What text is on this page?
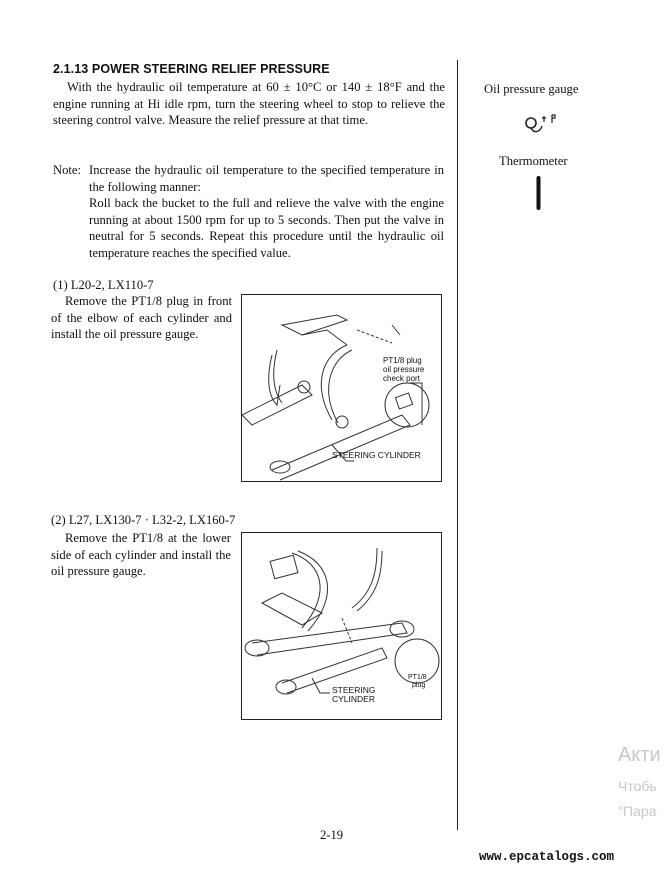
2.1.13 POWER STEERING RELIEF PRESSURE
With the hydraulic oil temperature at 60 ± 10°C or 140 ± 18°F and the engine running at Hi idle rpm, turn the steering wheel to stop to relieve the steering control valve. Measure the relief pressure at that time.
Note: Increase the hydraulic oil temperature to the specified temperature in the following manner:
Roll back the bucket to the full and relieve the valve with the engine running at about 1500 rpm for up to 5 seconds. Then put the valve in neutral for 5 seconds. Repeat this procedure until the hydraulic oil temperature reaches the specified value.
(1) L20-2, LX110-7
Remove the PT1/8 plug in front of the elbow of each cylinder and install the oil pressure gauge.
PT1/8 plug
oil pressure
check port
STEERING CYLINDER
(2) L27, LX130-7 · L32-2, LX160-7
Remove the PT1/8 at the lower side of each cylinder and install the oil pressure gauge.
PT1/8
plug
STEERING
CYLINDER
Oil pressure gauge
Thermometer
2-19
www.epcatalogs.com
Акти
Чтобь
"Пара
